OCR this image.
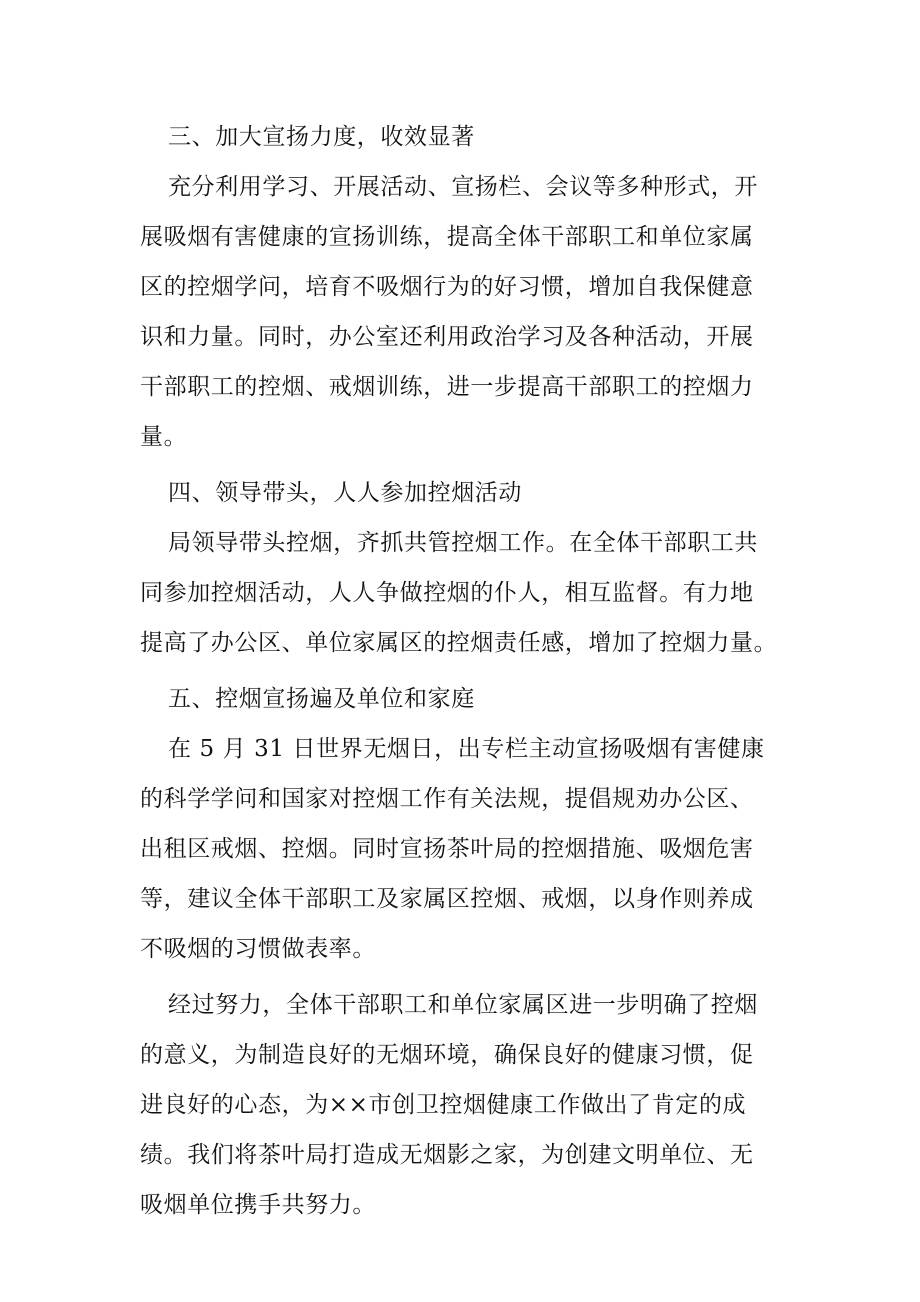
三、加大宣扬力度，收效显著
充分利用学习、开展活动、宣扬栏、会议等多种形式，开
展吸烟有害健康的宣扬训练，提高全体干部职工和单位家属
区的控烟学问，培育不吸烟行为的好习惯，增加自我保健意
识和力量。同时，办公室还利用政治学习及各种活动，开展
干部职工的控烟、戒烟训练，进一步提高干部职工的控烟力
量。
四、领导带头，人人参加控烟活动
局领导带头控烟，齐抓共管控烟工作。在全体干部职工共
同参加控烟活动，人人争做控烟的仆人，相互监督。有力地
提高了办公区、单位家属区的控烟责任感，增加了控烟力量。
五、控烟宣扬遍及单位和家庭
在 5 月 31 日世界无烟日，出专栏主动宣扬吸烟有害健康
的科学学问和国家对控烟工作有关法规，提倡规劝办公区、
出租区戒烟、控烟。同时宣扬茶叶局的控烟措施、吸烟危害
等，建议全体干部职工及家属区控烟、戒烟，以身作则养成
不吸烟的习惯做表率。
经过努力，全体干部职工和单位家属区进一步明确了控烟
的意义，为制造良好的无烟环境，确保良好的健康习惯，促
进良好的心态，为××市创卫控烟健康工作做出了肯定的成
绩。我们将茶叶局打造成无烟影之家，为创建文明单位、无
吸烟单位携手共努力。
